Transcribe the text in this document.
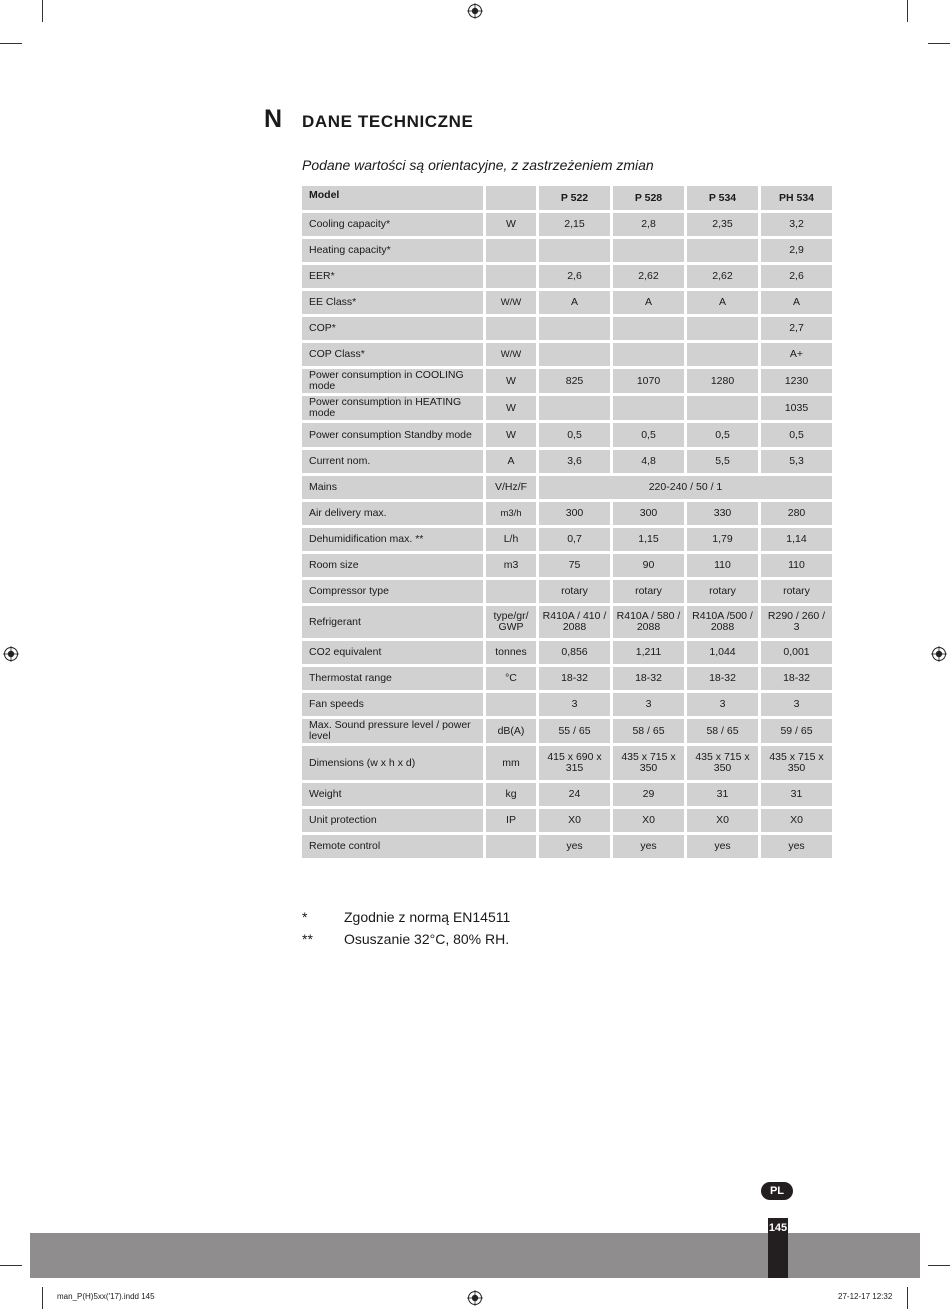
N DANE TECHNICZNE
Podane wartości są orientacyjne, z zastrzeżeniem zmian
Model		P 522	P 528	P 534	PH 534
Cooling capacity*	W	2,15	2,8	2,35	3,2
Heating capacity*					2,9
EER*		2,6	2,62	2,62	2,6
EE Class*	W/W	A	A	A	A
COP*					2,7
COP Class*	W/W				A+
Power consumption in COOLING mode	W	825	1070	1280	1230
Power consumption in HEATING mode	W				1035
Power consumption Standby mode	W	0,5	0,5	0,5	0,5
Current nom.	A	3,6	4,8	5,5	5,3
Mains	V/Hz/F	220-240 / 50 / 1			
Air delivery max.	m3/h	300	300	330	280
Dehumidification max. **	L/h	0,7	1,15	1,79	1,14
Room size	m3	75	90	110	110
Compressor type		rotary	rotary	rotary	rotary
Refrigerant	type/gr/ GWP	R410A / 410 / 2088	R410A / 580 / 2088	R410A /500 / 2088	R290 / 260 / 3
CO2 equivalent	tonnes	0,856	1,211	1,044	0,001
Thermostat range	°C	18-32	18-32	18-32	18-32
Fan speeds		3	3	3	3
Max. Sound pressure level / power level	dB(A)	55 / 65	58 / 65	58 / 65	59 / 65
Dimensions (w x h x d)	mm	415 x 690 x 315	435 x 715 x 350	435 x 715 x 350	435 x 715 x 350
Weight	kg	24	29	31	31
Unit protection	IP	X0	X0	X0	X0
Remote control		yes	yes	yes	yes
*	Zgodnie z normą EN14511
** Osuszanie 32°C, 80% RH.
PL
145
man_P(H)5xx('17).indd 145	27-12-17 12:32
